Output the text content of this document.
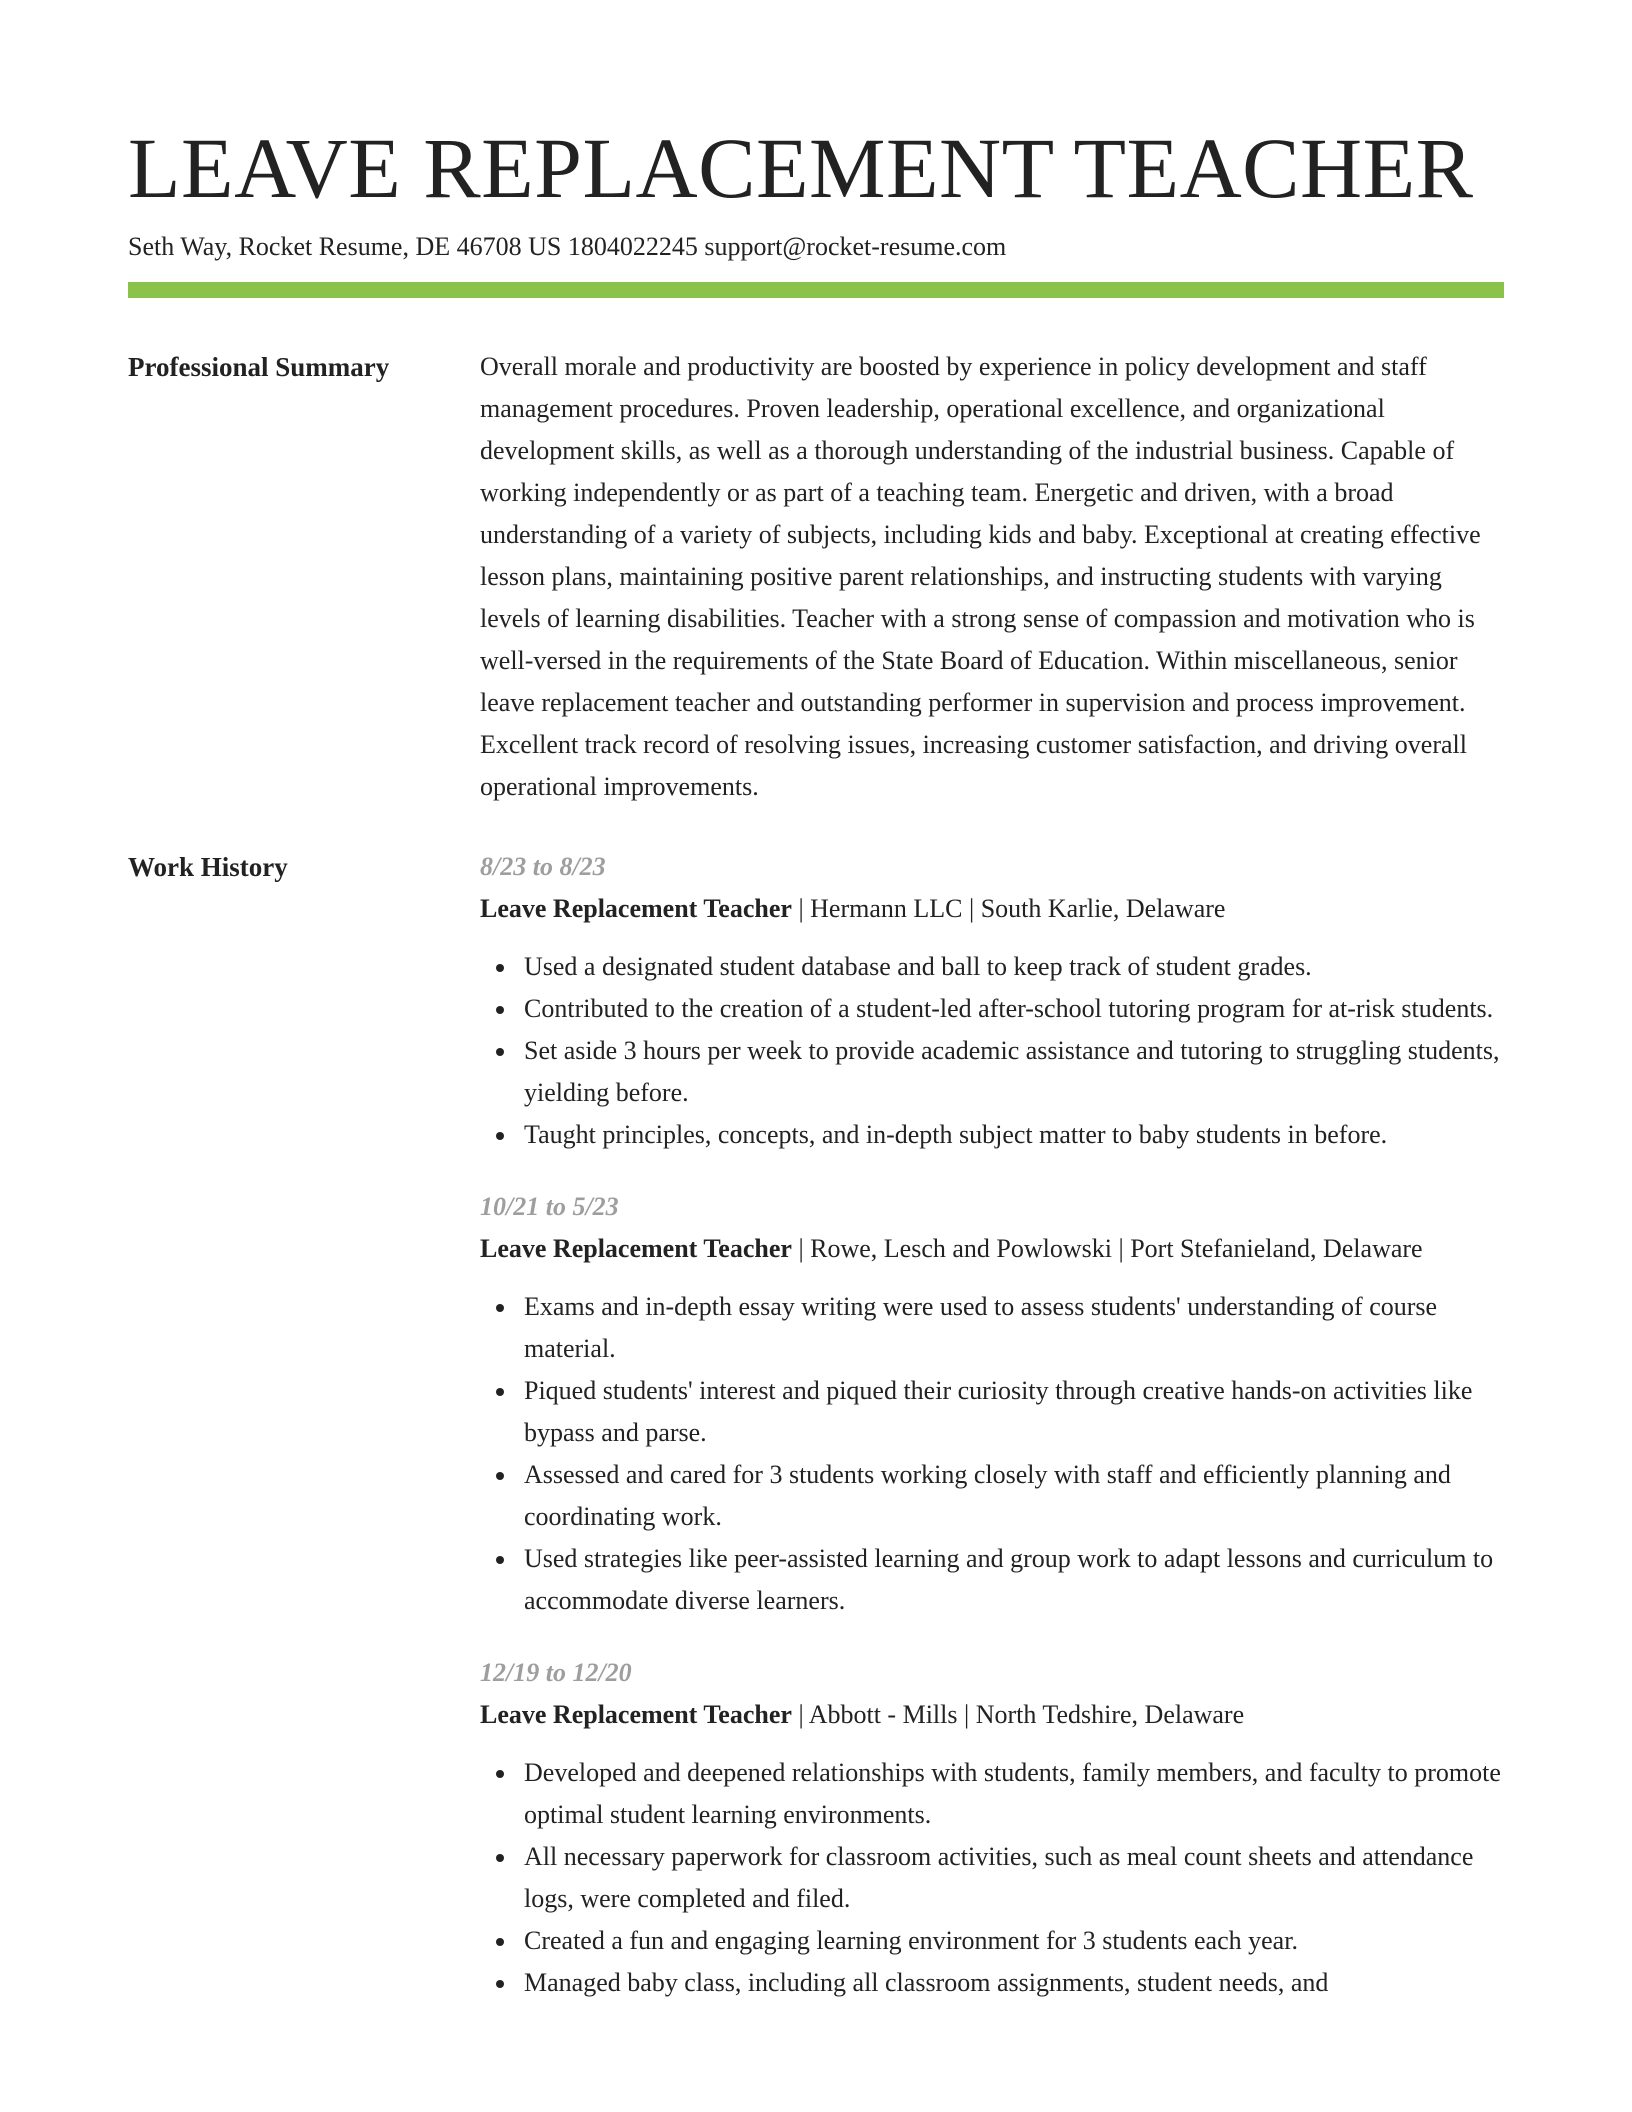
LEAVE REPLACEMENT TEACHER
Seth Way, Rocket Resume, DE 46708 US 1804022245 support@rocket-resume.com
Professional Summary	Overall morale and productivity are boosted by experience in policy development and staff management procedures. Proven leadership, operational excellence, and organizational development skills, as well as a thorough understanding of the industrial business. Capable of working independently or as part of a teaching team. Energetic and driven, with a broad understanding of a variety of subjects, including kids and baby. Exceptional at creating effective lesson plans, maintaining positive parent relationships, and instructing students with varying levels of learning disabilities. Teacher with a strong sense of compassion and motivation who is well-versed in the requirements of the State Board of Education. Within miscellaneous, senior leave replacement teacher and outstanding performer in supervision and process improvement. Excellent track record of resolving issues, increasing customer satisfaction, and driving overall operational improvements.

Work History	8/23 to 8/23
Leave Replacement Teacher | Hermann LLC | South Karlie, Delaware
Used a designated student database and ball to keep track of student grades.
Contributed to the creation of a student-led after-school tutoring program for at-risk students.
Set aside 3 hours per week to provide academic assistance and tutoring to struggling students, yielding before.
Taught principles, concepts, and in-depth subject matter to baby students in before.
10/21 to 5/23
Leave Replacement Teacher | Rowe, Lesch and Powlowski | Port Stefanieland, Delaware
Exams and in-depth essay writing were used to assess students' understanding of course material.
Piqued students' interest and piqued their curiosity through creative hands-on activities like bypass and parse.
Assessed and cared for 3 students working closely with staff and efficiently planning and coordinating work.
Used strategies like peer-assisted learning and group work to adapt lessons and curriculum to accommodate diverse learners.
12/19 to 12/20
Leave Replacement Teacher | Abbott - Mills | North Tedshire, Delaware
Developed and deepened relationships with students, family members, and faculty to promote optimal student learning environments.
All necessary paperwork for classroom activities, such as meal count sheets and attendance logs, were completed and filed.
Created a fun and engaging learning environment for 3 students each year.
Managed baby class, including all classroom assignments, student needs, and
